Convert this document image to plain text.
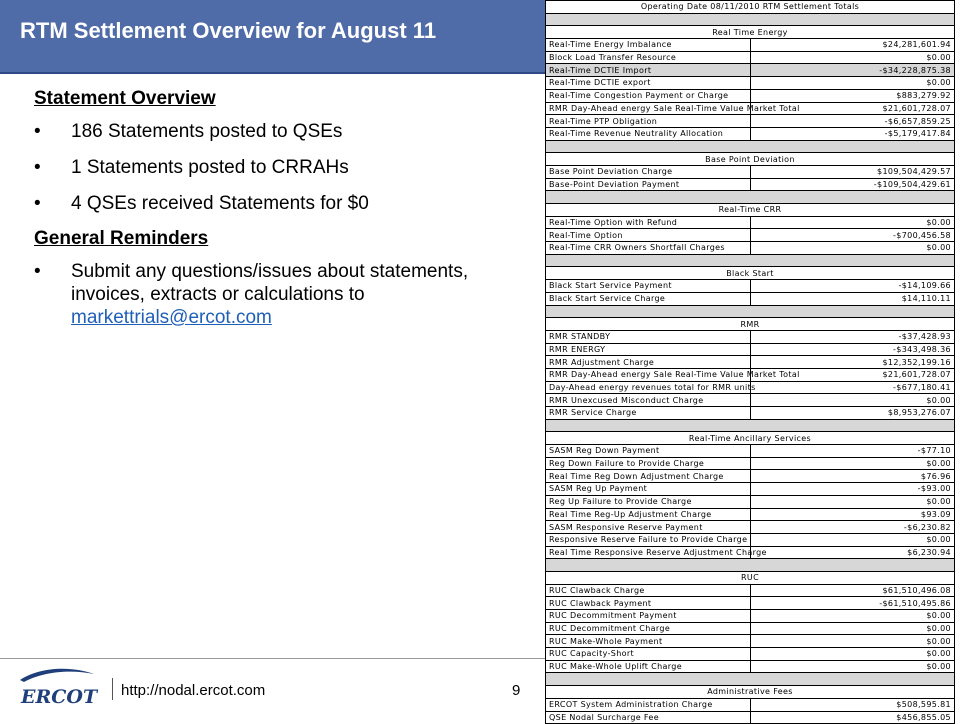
RTM Settlement Overview for August 11
Statement Overview
• 186 Statements posted to QSEs
• 1 Statements posted to CRRAHs
• 4 QSEs received Statements for $0
General Reminders
• Submit any questions/issues about statements, invoices, extracts or calculations to markettrials@ercot.com
ERCOT http://nodal.ercot.com	9
Operating Date 08/11/2010 RTM Settlement Totals	

Real Time Energy	
Real-Time Energy Imbalance	$24,281,601.94
Block Load Transfer Resource	$0.00
Real-Time DCTIE Import	-$34,228,875.38
Real-Time DCTIE export	$0.00
Real-Time Congestion Payment or Charge	$883,279.92
RMR Day-Ahead energy Sale Real-Time Value Market Total	$21,601,728.07
Real-Time PTP Obligation	-$6,657,859.25
Real-Time Revenue Neutrality Allocation	-$5,179,417.84

Base Point Deviation	
Base Point Deviation Charge	$109,504,429.57
Base-Point Deviation Payment	-$109,504,429.61

Real-Time CRR	
Real-Time Option with Refund	$0.00
Real-Time Option	-$700,456.58
Real-Time CRR Owners Shortfall Charges	$0.00

Black Start	
Black Start Service Payment	-$14,109.66
Black Start Service Charge	$14,110.11

RMR	
RMR STANDBY	-$37,428.93
RMR ENERGY	-$343,498.36
RMR Adjustment Charge	$12,352,199.16
RMR Day-Ahead energy Sale Real-Time Value Market Total	$21,601,728.07
Day-Ahead energy revenues total for RMR units	-$677,180.41
RMR Unexcused Misconduct Charge	$0.00
RMR Service Charge	$8,953,276.07

Real-Time Ancillary Services	
SASM Reg Down Payment	-$77.10
Reg Down Failure to Provide Charge	$0.00
Real Time Reg Down Adjustment Charge	$76.96
SASM Reg Up Payment	-$93.00
Reg Up Failure to Provide Charge	$0.00
Real Time Reg-Up Adjustment Charge	$93.09
SASM Responsive Reserve Payment	-$6,230.82
Responsive Reserve Failure to Provide Charge	$0.00
Real Time Responsive Reserve Adjustment Charge	$6,230.94

RUC	
RUC Clawback Charge	$61,510,496.08
RUC Clawback Payment	-$61,510,495.86
RUC Decommitment Payment	$0.00
RUC Decommitment Charge	$0.00
RUC Make-Whole Payment	$0.00
RUC Capacity-Short	$0.00
RUC Make-Whole Uplift Charge	$0.00

Administrative Fees	
ERCOT System Administration Charge	$508,595.81
QSE Nodal Surcharge Fee	$456,855.05
